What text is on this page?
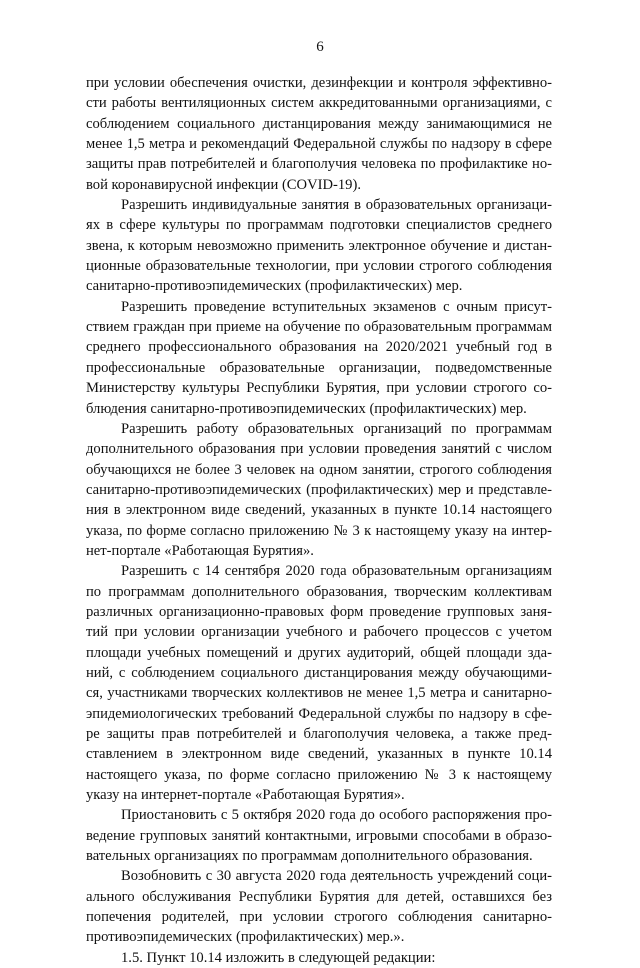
6
при условии обеспечения очистки, дезинфекции и контроля эффективно-
сти работы вентиляционных систем аккредитованными организациями, с
соблюдением социального дистанцирования между занимающимися не
менее 1,5 метра и рекомендаций Федеральной службы по надзору в сфере
защиты прав потребителей и благополучия человека по профилактике но-
вой коронавирусной инфекции (COVID-19).
Разрешить индивидуальные занятия в образовательных организаци-
ях в сфере культуры по программам подготовки специалистов среднего
звена, к которым невозможно применить электронное обучение и дистан-
ционные образовательные технологии, при условии строгого соблюдения
санитарно-противоэпидемических (профилактических) мер.
Разрешить проведение вступительных экзаменов с очным присут-
ствием граждан при приеме на обучение по образовательным программам
среднего профессионального образования на 2020/2021 учебный год в
профессиональные образовательные организации, подведомственные
Министерству культуры Республики Бурятия, при условии строгого со-
блюдения санитарно-противоэпидемических (профилактических) мер.
Разрешить работу образовательных организаций по программам
дополнительного образования при условии проведения занятий с числом
обучающихся не более 3 человек на одном занятии, строгого соблюдения
санитарно-противоэпидемических (профилактических) мер и представле-
ния в электронном виде сведений, указанных в пункте 10.14 настоящего
указа, по форме согласно приложению № 3 к настоящему указу на интер-
нет-портале «Работающая Бурятия».
Разрешить с 14 сентября 2020 года образовательным организациям
по программам дополнительного образования, творческим коллективам
различных организационно-правовых форм проведение групповых заня-
тий при условии организации учебного и рабочего процессов с учетом
площади учебных помещений и других аудиторий, общей площади зда-
ний, с соблюдением социального дистанцирования между обучающими-
ся, участниками творческих коллективов не менее 1,5 метра и санитарно-
эпидемиологических требований Федеральной службы по надзору в сфе-
ре защиты прав потребителей и благополучия человека, а также пред-
ставлением в электронном виде сведений, указанных в пункте 10.14
настоящего указа, по форме согласно приложению № 3 к настоящему
указу на интернет-портале «Работающая Бурятия».
Приостановить с 5 октября 2020 года до особого распоряжения про-
ведение групповых занятий контактными, игровыми способами в образо-
вательных организациях по программам дополнительного образования.
Возобновить с 30 августа 2020 года деятельность учреждений соци-
ального обслуживания Республики Бурятия для детей, оставшихся без
попечения родителей, при условии строгого соблюдения санитарно-
противоэпидемических (профилактических) мер.».
1.5. Пункт 10.14 изложить в следующей редакции:
